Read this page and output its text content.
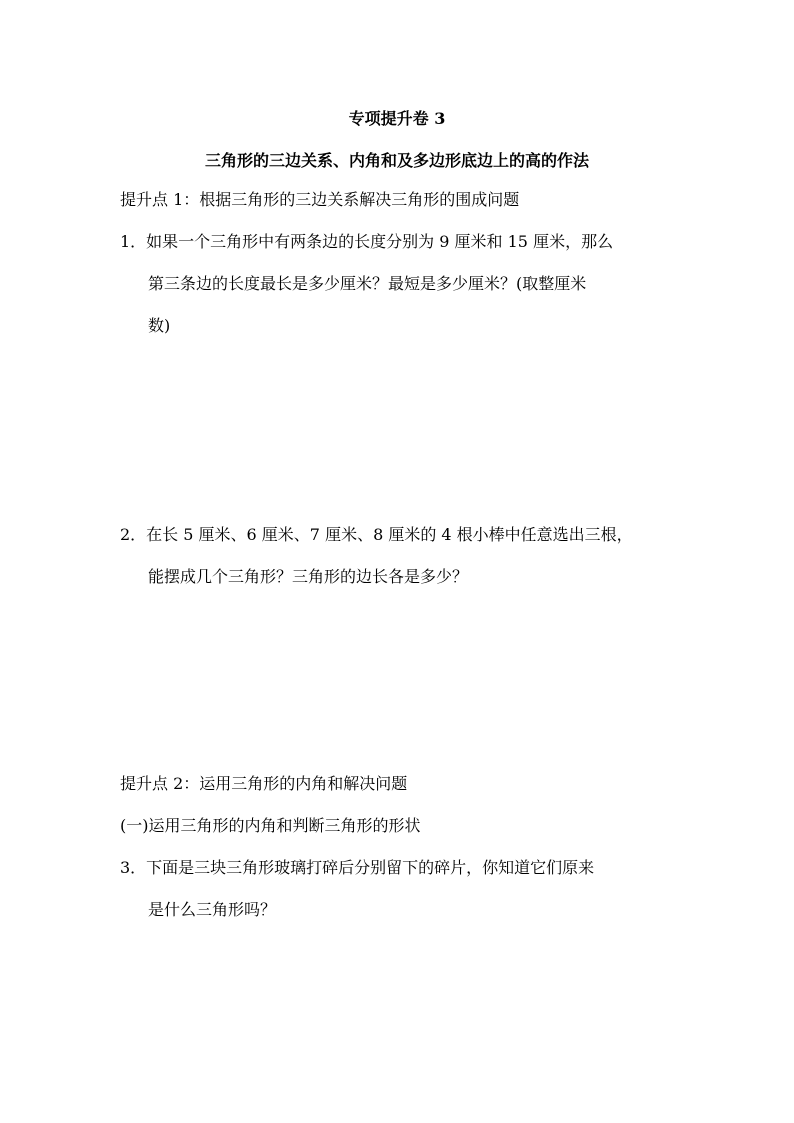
专项提升卷 3
三角形的三边关系、内角和及多边形底边上的高的作法
提升点 1：根据三角形的三边关系解决三角形的围成问题
1．如果一个三角形中有两条边的长度分别为 9 厘米和 15 厘米，那么
第三条边的长度最长是多少厘米？最短是多少厘米？(取整厘米
数)
2．在长 5 厘米、6 厘米、7 厘米、8 厘米的 4 根小棒中任意选出三根，
能摆成几个三角形？三角形的边长各是多少？
提升点 2：运用三角形的内角和解决问题
(一)运用三角形的内角和判断三角形的形状
3．下面是三块三角形玻璃打碎后分别留下的碎片，你知道它们原来
是什么三角形吗？
